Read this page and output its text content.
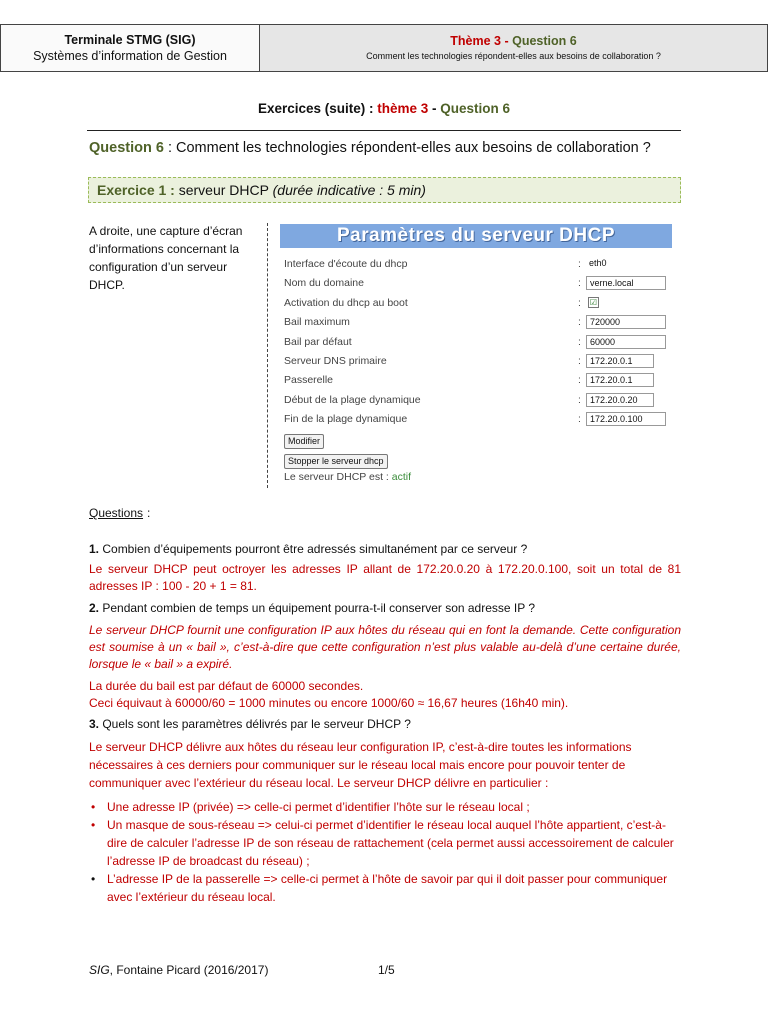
Terminale STMG (SIG)
Systèmes d’information de Gestion
Thème 3 - Question 6
Comment les technologies répondent-elles aux besoins de collaboration ?
Exercices (suite) : thème 3 - Question 6
Question 6 : Comment les technologies répondent-elles aux besoins de collaboration ?
Exercice 1 : serveur DHCP (durée indicative : 5 min)
A droite, une capture d’écran d’informations concernant la configuration d’un serveur DHCP.
Paramètres du serveur DHCP
Interface d'écoute du dhcp	: eth0
Nom du domaine	:	verne.local
Activation du dhcp au boot	: ☑
Bail maximum	:	720000
Bail par défaut	:	60000
Serveur DNS primaire	:	172.20.0.1
Passerelle	:	172.20.0.1
Début de la plage dynamique	:	172.20.0.20
Fin de la plage dynamique	:	172.20.0.100
Modifier
Stopper le serveur dhcp
Le serveur DHCP est : actif
Questions :
1. Combien d’équipements pourront être adressés simultanément par ce serveur ?
Le serveur DHCP peut octroyer les adresses IP allant de 172.20.0.20 à 172.20.0.100, soit un total de 81 adresses IP : 100 - 20 + 1 = 81.
2. Pendant combien de temps un équipement pourra-t-il conserver son adresse IP ?
Le serveur DHCP fournit une configuration IP aux hôtes du réseau qui en font la demande. Cette configuration est soumise à un « bail », c’est-à-dire que cette configuration n’est plus valable au-delà d’une certaine durée, lorsque le « bail » a expiré.
La durée du bail est par défaut de 60000 secondes.
Ceci équivaut à 60000/60 = 1000 minutes ou encore 1000/60 ≈ 16,67 heures (16h40 min).
3. Quels sont les paramètres délivrés par le serveur DHCP ?
Le serveur DHCP délivre aux hôtes du réseau leur configuration IP, c’est-à-dire toutes les informations nécessaires à ces derniers pour communiquer sur le réseau local mais encore pour pouvoir tenter de communiquer avec l’extérieur du réseau local. Le serveur DHCP délivre en particulier :
• Une adresse IP (privée) => celle-ci permet d’identifier l’hôte sur le réseau local ;
• Un masque de sous-réseau => celui-ci permet d’identifier le réseau local auquel l’hôte appartient, c’est-à-dire de calculer l’adresse IP de son réseau de rattachement (cela permet aussi accessoirement de calculer l’adresse IP de broadcast du réseau) ;
• L’adresse IP de la passerelle => celle-ci permet à l’hôte de savoir par qui il doit passer pour communiquer avec l’extérieur du réseau local.
SIG, Fontaine Picard (2016/2017)	1/5
